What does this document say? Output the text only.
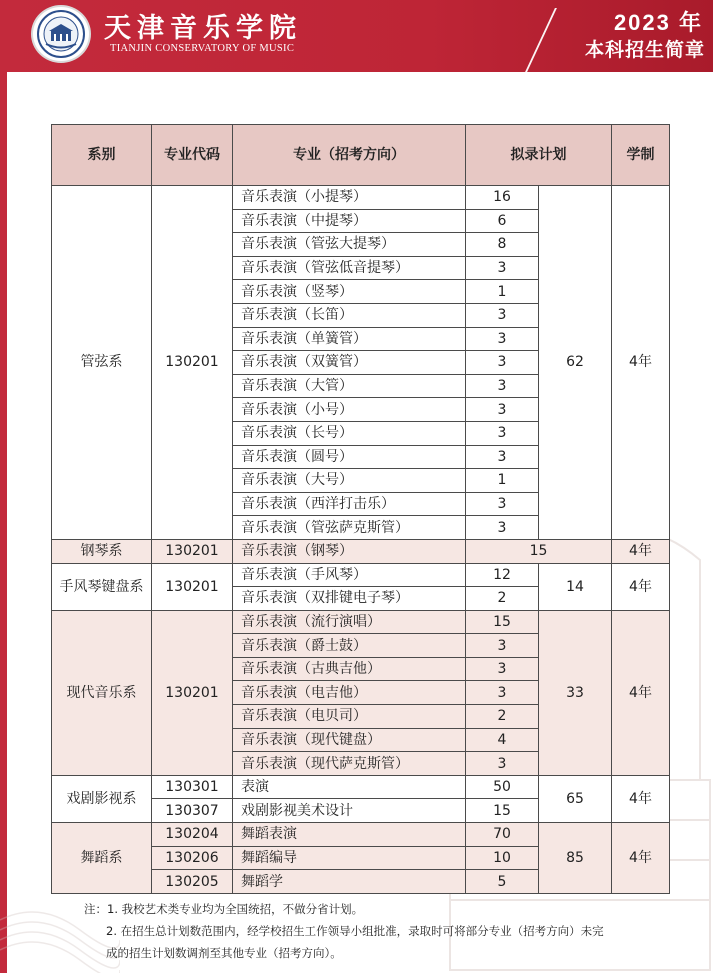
天津音乐学院
TIANJIN CONSERVATORY OF MUSIC
2023 年
本科招生简章
系别	专业代码	专业（招考方向）	拟录计划		学制
管弦系	130201	音乐表演（小提琴）	16	62	4年
		音乐表演（中提琴）	6		
		音乐表演（管弦大提琴）	8		
		音乐表演（管弦低音提琴）	3		
		音乐表演（竖琴）	1		
		音乐表演（长笛）	3		
		音乐表演（单簧管）	3		
		音乐表演（双簧管）	3		
		音乐表演（大管）	3		
		音乐表演（小号）	3		
		音乐表演（长号）	3		
		音乐表演（圆号）	3		
		音乐表演（大号）	1		
		音乐表演（西洋打击乐）	3		
		音乐表演（管弦萨克斯管）	3		
钢琴系	130201	音乐表演（钢琴）	15		4年
手风琴键盘系	130201	音乐表演（手风琴）	12	14	4年
		音乐表演（双排键电子琴）	2		
现代音乐系	130201	音乐表演（流行演唱）	15	33	4年
		音乐表演（爵士鼓）	3		
		音乐表演（古典吉他）	3		
		音乐表演（电吉他）	3		
		音乐表演（电贝司）	2		
		音乐表演（现代键盘）	4		
		音乐表演（现代萨克斯管）	3		
戏剧影视系	130301	表演	50	65	4年
	130307	戏剧影视美术设计	15		
舞蹈系	130204	舞蹈表演	70	85	4年
	130206	舞蹈编导	10		
	130205	舞蹈学	5		
注：1. 我校艺术类专业均为全国统招，不做分省计划。
2. 在招生总计划数范围内，经学校招生工作领导小组批准，录取时可将部分专业（招考方向）未完
成的招生计划数调剂至其他专业（招考方向）。
